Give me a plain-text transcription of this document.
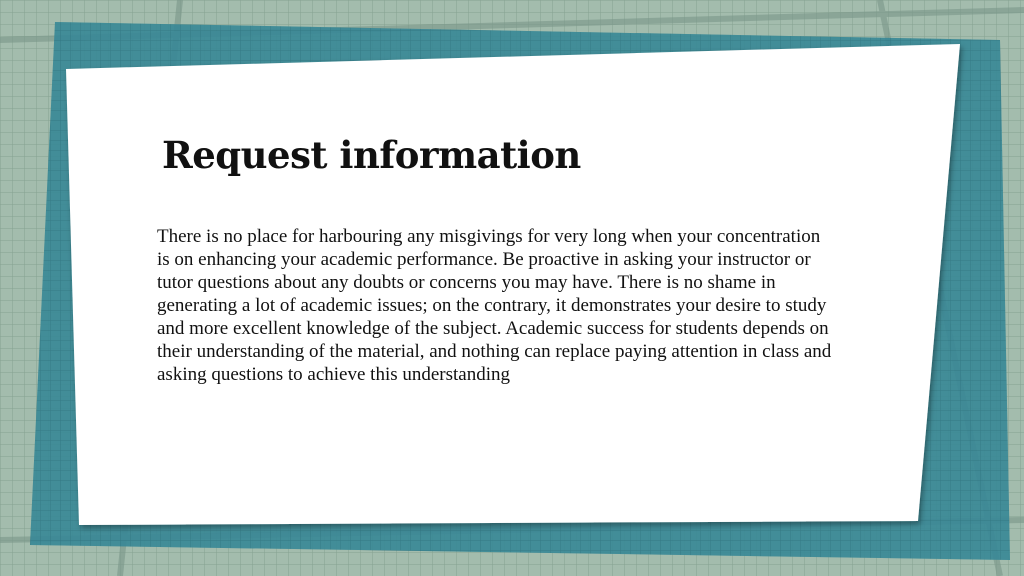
Request information
There is no place for harbouring any misgivings for very long when your concentration is on enhancing your academic performance. Be proactive in asking your instructor or tutor questions about any doubts or concerns you may have. There is no shame in generating a lot of academic issues; on the contrary, it demonstrates your desire to study and more excellent knowledge of the subject. Academic success for students depends on their understanding of the material, and nothing can replace paying attention in class and asking questions to achieve this understanding
